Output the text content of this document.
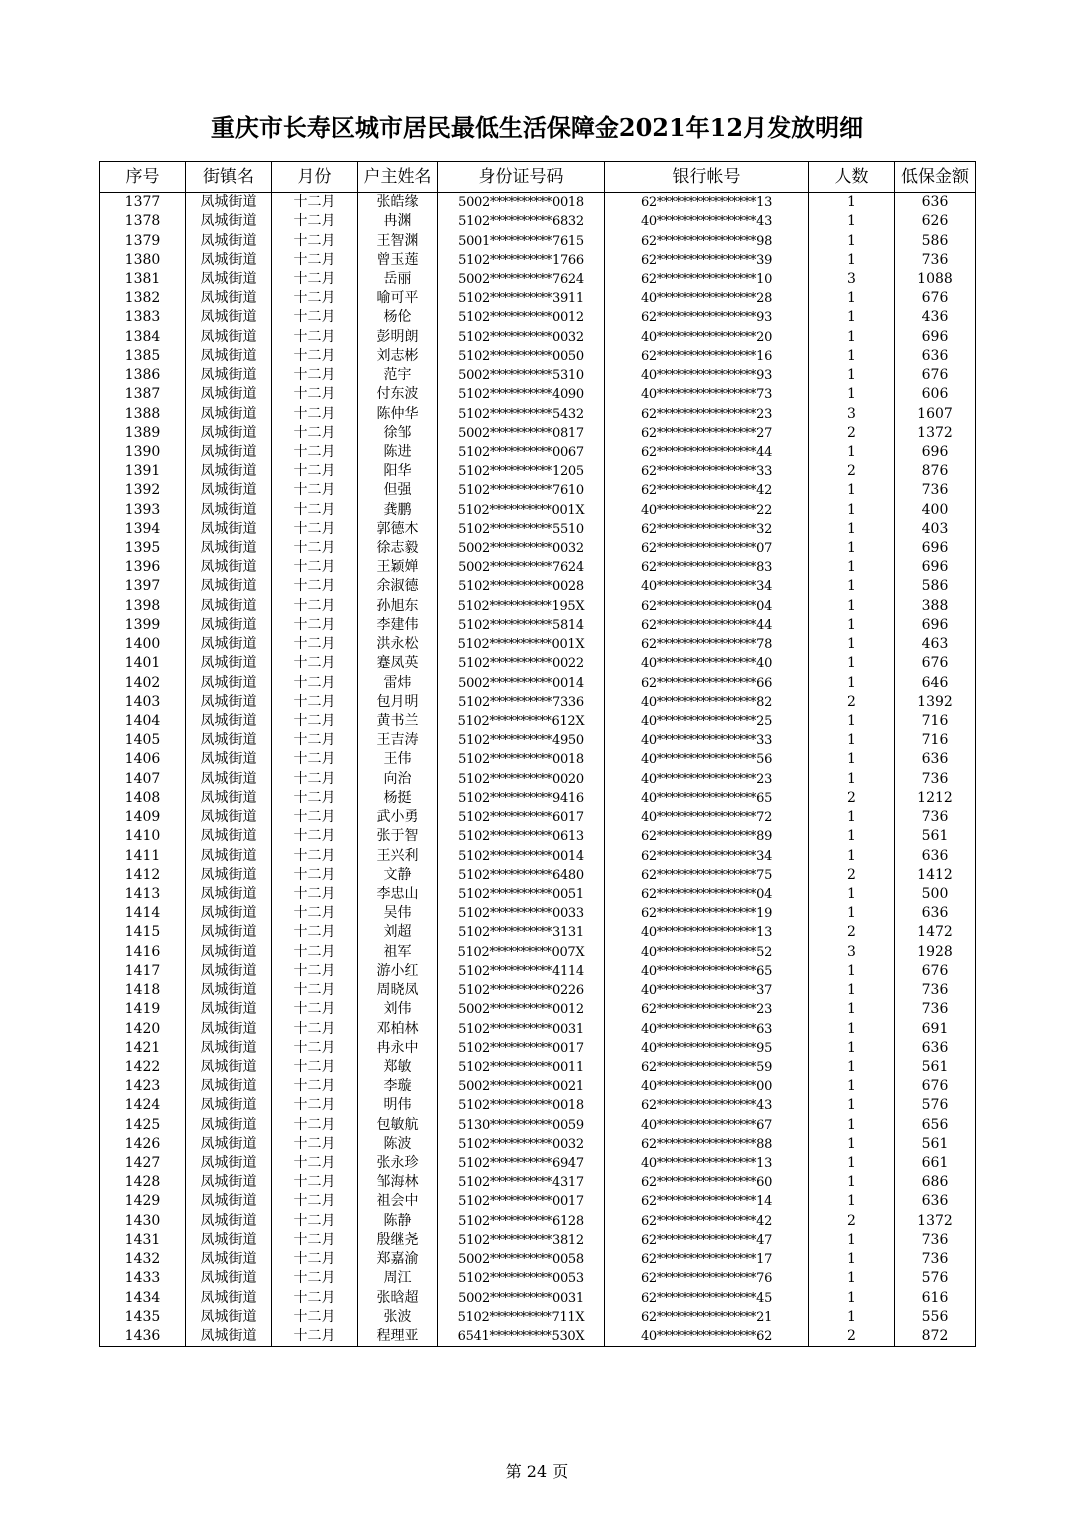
重庆市长寿区城市居民最低生活保障金2021年12月发放明细
序号	街镇名	月份	户主姓名	身份证号码	银行帐号	人数	低保金额
1377	凤城街道	十二月	张皓缘	5002**********0018	62****************13	1	636
1378	凤城街道	十二月	冉渊	5102**********6832	40****************43	1	626
1379	凤城街道	十二月	王智渊	5001**********7615	62****************98	1	586
1380	凤城街道	十二月	曾玉莲	5102**********1766	62****************39	1	736
1381	凤城街道	十二月	岳丽	5002**********7624	62****************10	3	1088
1382	凤城街道	十二月	喻可平	5102**********3911	40****************28	1	676
1383	凤城街道	十二月	杨伦	5102**********0012	62****************93	1	436
1384	凤城街道	十二月	彭明朗	5102**********0032	40****************20	1	696
1385	凤城街道	十二月	刘志彬	5102**********0050	62****************16	1	636
1386	凤城街道	十二月	范宇	5002**********5310	40****************93	1	676
1387	凤城街道	十二月	付东波	5102**********4090	40****************73	1	606
1388	凤城街道	十二月	陈仲华	5102**********5432	62****************23	3	1607
1389	凤城街道	十二月	徐邹	5002**********0817	62****************27	2	1372
1390	凤城街道	十二月	陈进	5102**********0067	62****************44	1	696
1391	凤城街道	十二月	阳华	5102**********1205	62****************33	2	876
1392	凤城街道	十二月	但强	5102**********7610	62****************42	1	736
1393	凤城街道	十二月	龚鹏	5102**********001X	40****************22	1	400
1394	凤城街道	十二月	郭德木	5102**********5510	62****************32	1	403
1395	凤城街道	十二月	徐志毅	5002**********0032	62****************07	1	696
1396	凤城街道	十二月	王颖婵	5002**********7624	62****************83	1	696
1397	凤城街道	十二月	余淑德	5102**********0028	40****************34	1	586
1398	凤城街道	十二月	孙旭东	5102**********195X	62****************04	1	388
1399	凤城街道	十二月	李建伟	5102**********5814	62****************44	1	696
1400	凤城街道	十二月	洪永松	5102**********001X	62****************78	1	463
1401	凤城街道	十二月	蹇凤英	5102**********0022	40****************40	1	676
1402	凤城街道	十二月	雷炜	5002**********0014	62****************66	1	646
1403	凤城街道	十二月	包月明	5102**********7336	40****************82	2	1392
1404	凤城街道	十二月	黄书兰	5102**********612X	40****************25	1	716
1405	凤城街道	十二月	王吉涛	5102**********4950	40****************33	1	716
1406	凤城街道	十二月	王伟	5102**********0018	40****************56	1	636
1407	凤城街道	十二月	向治	5102**********0020	40****************23	1	736
1408	凤城街道	十二月	杨挺	5102**********9416	40****************65	2	1212
1409	凤城街道	十二月	武小勇	5102**********6017	40****************72	1	736
1410	凤城街道	十二月	张于智	5102**********0613	62****************89	1	561
1411	凤城街道	十二月	王兴利	5102**********0014	62****************34	1	636
1412	凤城街道	十二月	文静	5102**********6480	62****************75	2	1412
1413	凤城街道	十二月	李忠山	5102**********0051	62****************04	1	500
1414	凤城街道	十二月	吴伟	5102**********0033	62****************19	1	636
1415	凤城街道	十二月	刘超	5102**********3131	40****************13	2	1472
1416	凤城街道	十二月	祖军	5102**********007X	40****************52	3	1928
1417	凤城街道	十二月	游小红	5102**********4114	40****************65	1	676
1418	凤城街道	十二月	周晓凤	5102**********0226	40****************37	1	736
1419	凤城街道	十二月	刘伟	5002**********0012	62****************23	1	736
1420	凤城街道	十二月	邓柏林	5102**********0031	40****************63	1	691
1421	凤城街道	十二月	冉永中	5102**********0017	40****************95	1	636
1422	凤城街道	十二月	郑敏	5102**********0011	62****************59	1	561
1423	凤城街道	十二月	李璇	5002**********0021	40****************00	1	676
1424	凤城街道	十二月	明伟	5102**********0018	62****************43	1	576
1425	凤城街道	十二月	包敏航	5130**********0059	40****************67	1	656
1426	凤城街道	十二月	陈波	5102**********0032	62****************88	1	561
1427	凤城街道	十二月	张永珍	5102**********6947	40****************13	1	661
1428	凤城街道	十二月	邹海林	5102**********4317	62****************60	1	686
1429	凤城街道	十二月	祖会中	5102**********0017	62****************14	1	636
1430	凤城街道	十二月	陈静	5102**********6128	62****************42	2	1372
1431	凤城街道	十二月	殷继尧	5102**********3812	62****************47	1	736
1432	凤城街道	十二月	郑嘉渝	5002**********0058	62****************17	1	736
1433	凤城街道	十二月	周江	5102**********0053	62****************76	1	576
1434	凤城街道	十二月	张晗超	5002**********0031	62****************45	1	616
1435	凤城街道	十二月	张波	5102**********711X	62****************21	1	556
1436	凤城街道	十二月	程理亚	6541**********530X	40****************62	2	872
第 24 页
